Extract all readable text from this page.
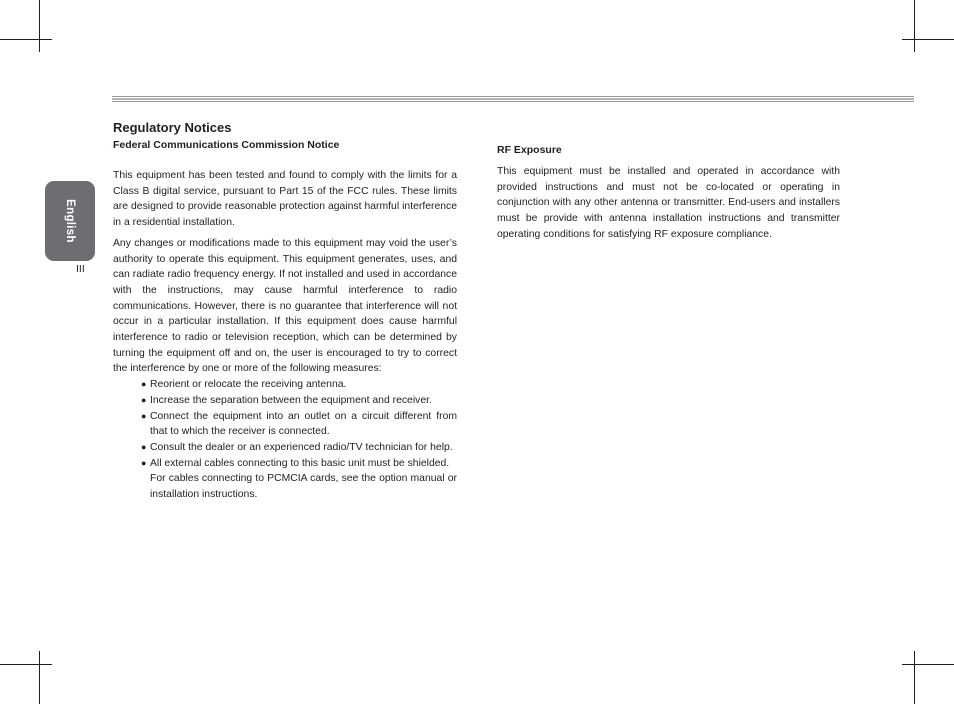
English
III
Regulatory Notices
Federal Communications Commission Notice

This equipment has been tested and found to comply with the limits for a Class B digital service, pursuant to Part 15 of the FCC rules. These limits are designed to provide reasonable protection against harmful interference in a residential installation.

Any changes or modifications made to this equipment may void the user’s authority to operate this equipment. This equipment generates, uses, and can radiate radio frequency energy. If not installed and used in accordance with the instructions, may cause harmful interference to radio communications. However, there is no guarantee that interference will not occur in a particular installation. If this equipment does cause harmful interference to radio or television reception, which can be determined by turning the equipment off and on, the user is encouraged to try to correct the interference by one or more of the following measures:

● Reorient or relocate the receiving antenna.
● Increase the separation between the equipment and receiver.
● Connect the equipment into an outlet on a circuit different from that to which the receiver is connected.
● Consult the dealer or an experienced radio/TV technician for help.
● All external cables connecting to this basic unit must be shielded.

For cables connecting to PCMCIA cards, see the option manual or installation instructions.

RF Exposure

This equipment must be installed and operated in accordance with provided instructions and must not be co-located or operating in conjunction with any other antenna or transmitter. End-users and installers must be provide with antenna installation instructions and transmitter operating conditions for satisfying RF exposure compliance.
